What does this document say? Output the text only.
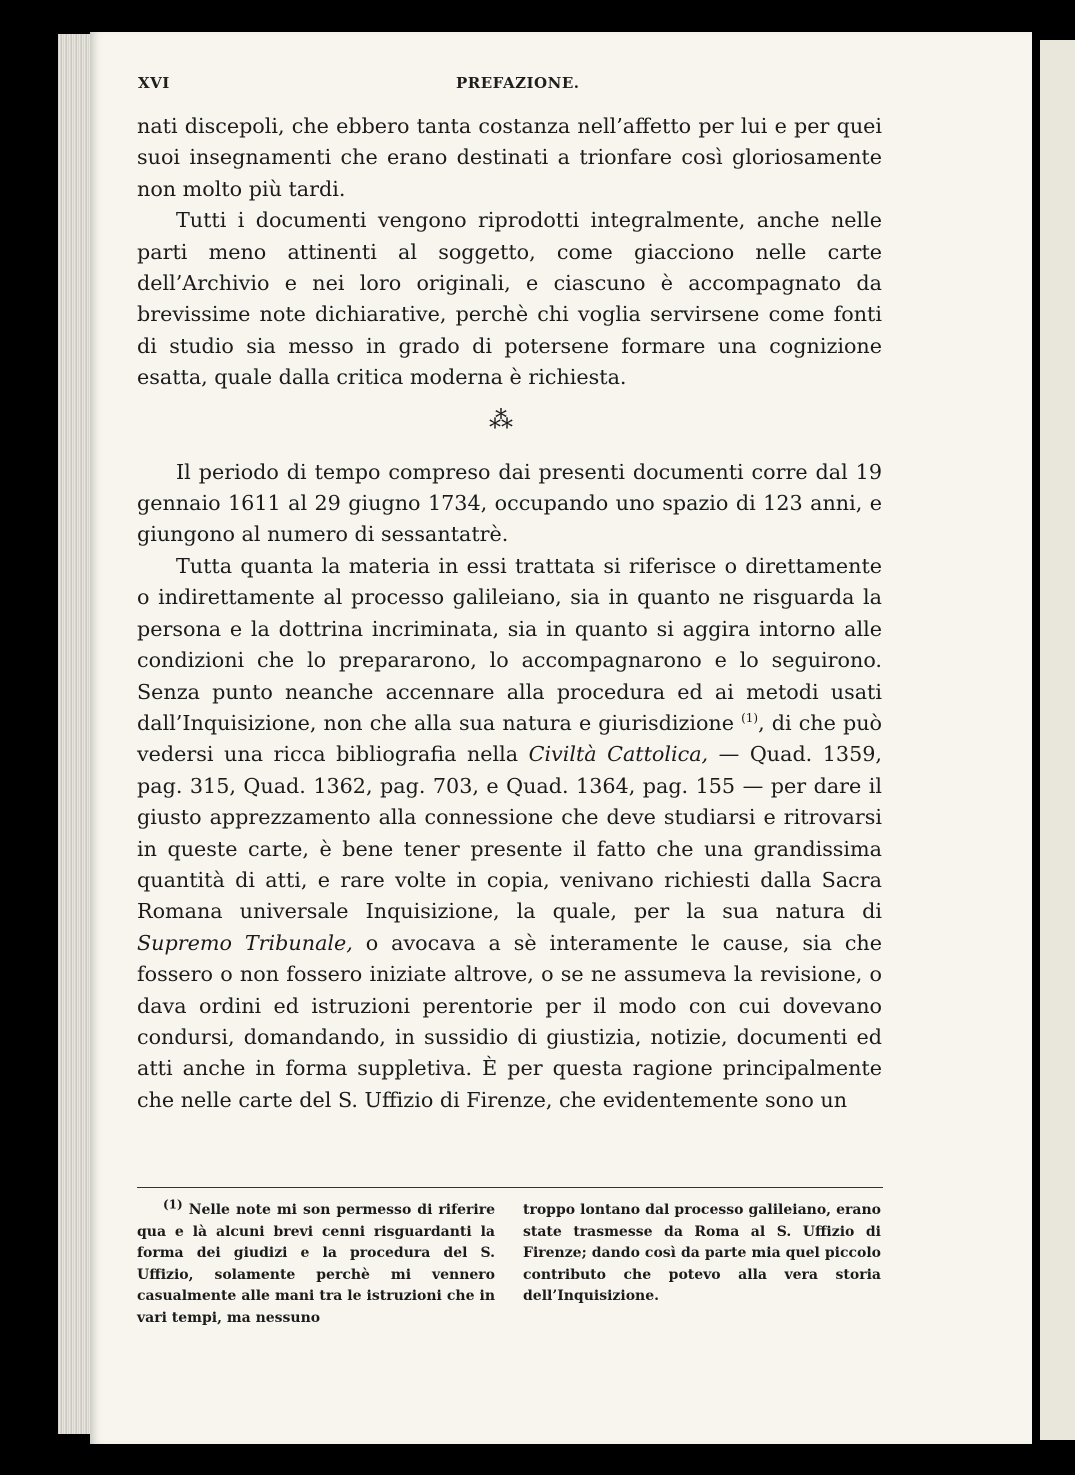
XVI	PREFAZIONE.

nati discepoli, che ebbero tanta costanza nell’affetto per lui e per quei suoi insegnamenti che erano destinati a trionfare così gloriosamente non molto più tardi.

Tutti i documenti vengono riprodotti integralmente, anche nelle parti meno attinenti al soggetto, come giacciono nelle carte dell’Archivio e nei loro originali, e ciascuno è accompagnato da brevissime note dichiarative, perchè chi voglia servirsene come fonti di studio sia messo in grado di potersene formare una cognizione esatta, quale dalla critica moderna è richiesta.

⁂

Il periodo di tempo compreso dai presenti documenti corre dal 19 gennaio 1611 al 29 giugno 1734, occupando uno spazio di 123 anni, e giungono al numero di sessantatrè.

Tutta quanta la materia in essi trattata si riferisce o direttamente o indirettamente al processo galileiano, sia in quanto ne risguarda la persona e la dottrina incriminata, sia in quanto si aggira intorno alle condizioni che lo prepararono, lo accompagnarono e lo seguirono. Senza punto neanche accennare alla procedura ed ai metodi usati dall’Inquisizione, non che alla sua natura e giurisdizione $^{(1)}$, di che può vedersi una ricca bibliografia nella Civiltà Cattolica, — Quad. 1359, pag. 315, Quad. 1362, pag. 703, e Quad. 1364, pag. 155 — per dare il giusto apprezzamento alla connessione che deve studiarsi e ritrovarsi in queste carte, è bene tener presente il fatto che una grandissima quantità di atti, e rare volte in copia, venivano richiesti dalla Sacra Romana universale Inquisizione, la quale, per la sua natura di Supremo Tribunale, o avocava a sè interamente le cause, sia che fossero o non fossero iniziate altrove, o se ne assumeva la revisione, o dava ordini ed istruzioni perentorie per il modo con cui dovevano condursi, domandando, in sussidio di giustizia, notizie, documenti ed atti anche in forma suppletiva. È per questa ragione principalmente che nelle carte del S. Uffizio di Firenze, che evidentemente sono un

(1) Nelle note mi son permesso di riferire qua e là alcuni brevi cenni risguardanti la forma dei giudizi e la procedura del S. Uffizio, solamente perchè mi vennero casualmente alle mani tra le istruzioni che in vari tempi, ma nessuno
troppo lontano dal processo galileiano, erano state trasmesse da Roma al S. Uffizio di Firenze; dando così da parte mia quel piccolo contributo che potevo alla vera storia dell’Inquisizione.
